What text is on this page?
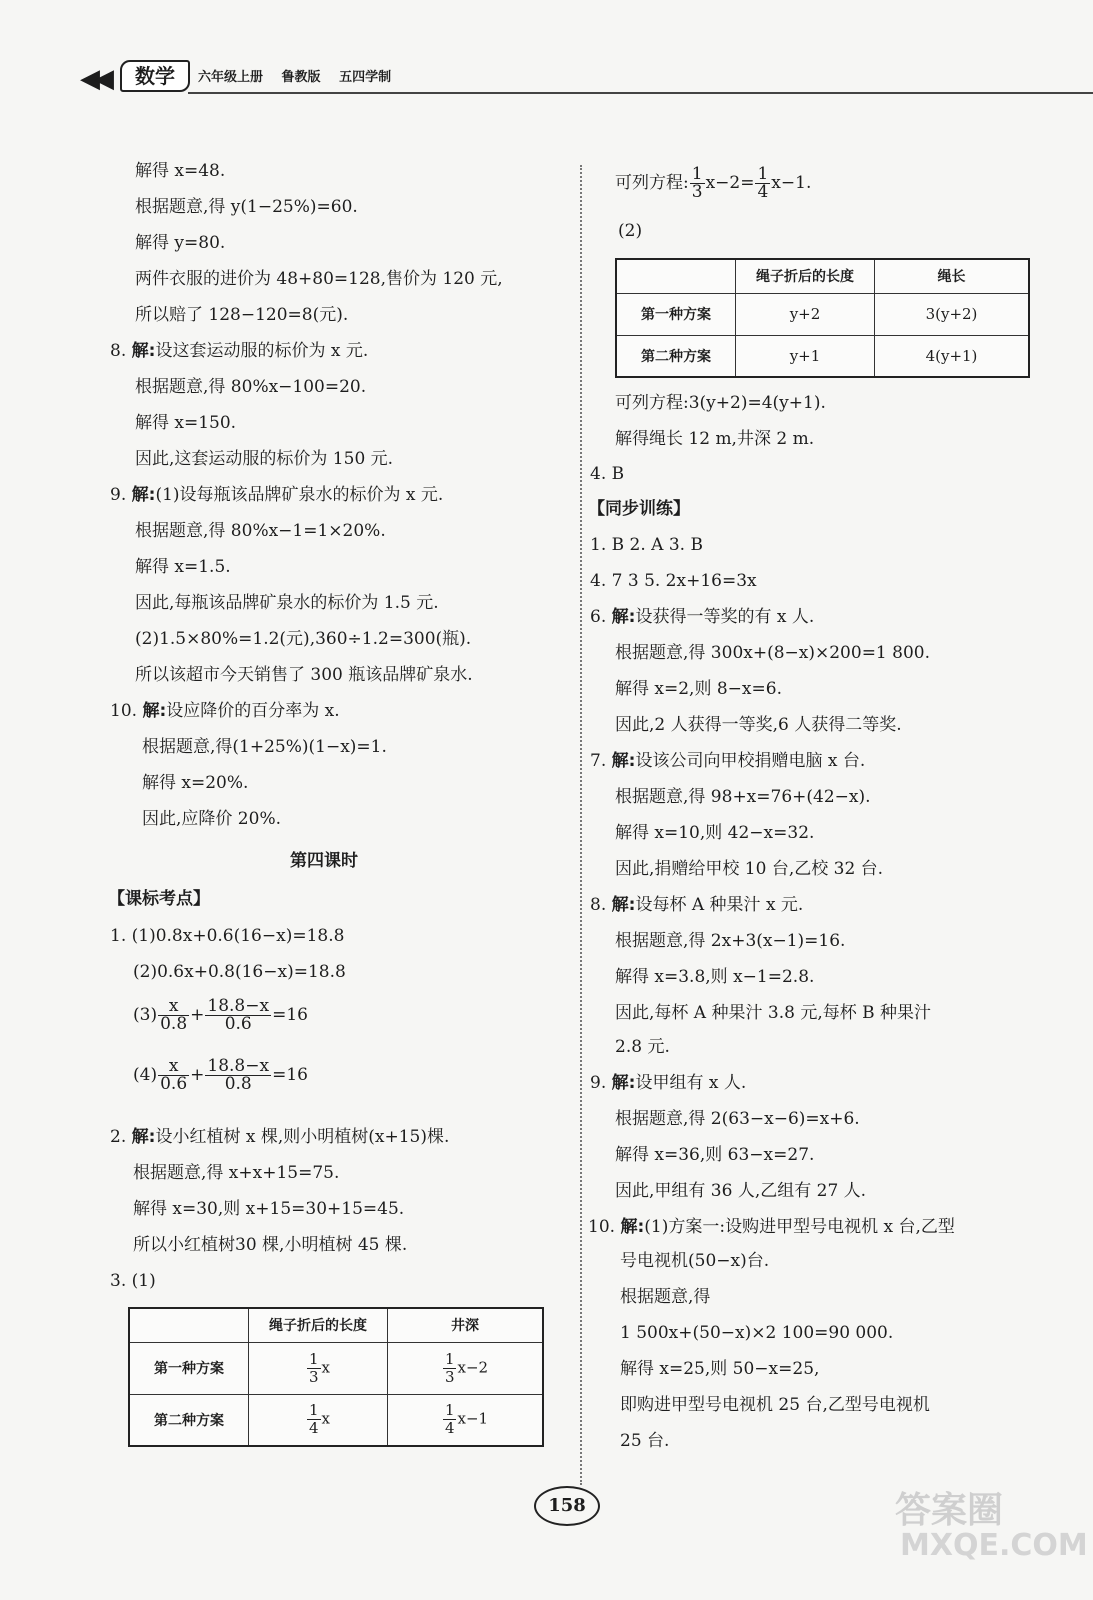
◀◀	数学	六年级上册 鲁教版 五四学制
解得 x=48.
根据题意,得 y(1−25%)=60.
解得 y=80.
两件衣服的进价为 48+80=128,售价为 120 元,
所以赔了 128−120=8(元).
8. 解:设这套运动服的标价为 x 元.
根据题意,得 80%x−100=20.
解得 x=150.
因此,这套运动服的标价为 150 元.
9. 解:(1)设每瓶该品牌矿泉水的标价为 x 元.
根据题意,得 80%x−1=1×20%.
解得 x=1.5.
因此,每瓶该品牌矿泉水的标价为 1.5 元.
(2)1.5×80%=1.2(元),360÷1.2=300(瓶).
所以该超市今天销售了 300 瓶该品牌矿泉水.
10. 解:设应降价的百分率为 x.
根据题意,得(1+25%)(1−x)=1.
解得 x=20%.
因此,应降价 20%.
第四课时
【课标考点】
1. (1)0.8x+0.6(16−x)=18.8
(2)0.6x+0.8(16−x)=18.8
$(3) \frac{x}{0.8} + \frac{18.8-x}{0.6} =16$
$(4) \frac{x}{0.6} + \frac{18.8-x}{0.8} =16$
2. 解:设小红植树 x 棵,则小明植树(x+15)棵.
根据题意,得 x+x+15=75.
解得 x=30,则 x+15=30+15=45.
所以小红植树30 棵,小明植树 45 棵.
3. (1)
	绳子折后的长度	井深
第一种方案	$\frac{1}{3}$ x	$\frac{1}{3} x-2$
第二种方案	$\frac{1}{4}$ x	$\frac{1}{4} x-1$
可列方程: $\frac{1}{3} x-2= \frac{1}{4} x-1$.
(2)
	绳子折后的长度	绳长
第一种方案	y+2	3(y+2)
第二种方案	y+1	4(y+1)
可列方程:3(y+2)=4(y+1).
解得绳长 12 m,井深 2 m.
4. B
【同步训练】
1. B 2. A 3. B
4. 7 3 5. 2x+16=3x
6. 解:设获得一等奖的有 x 人.
根据题意,得 300x+(8−x)×200=1 800.
解得 x=2,则 8−x=6.
因此,2 人获得一等奖,6 人获得二等奖.
7. 解:设该公司向甲校捐赠电脑 x 台.
根据题意,得 98+x=76+(42−x).
解得 x=10,则 42−x=32.
因此,捐赠给甲校 10 台,乙校 32 台.
8. 解:设每杯 A 种果汁 x 元.
根据题意,得 2x+3(x−1)=16.
解得 x=3.8,则 x−1=2.8.
因此,每杯 A 种果汁 3.8 元,每杯 B 种果汁
2.8 元.
9. 解:设甲组有 x 人.
根据题意,得 2(63−x−6)=x+6.
解得 x=36,则 63−x=27.
因此,甲组有 36 人,乙组有 27 人.
10. 解:(1)方案一:设购进甲型号电视机 x 台,乙型
号电视机(50−x)台.
根据题意,得
1 500x+(50−x)×2 100=90 000.
解得 x=25,则 50−x=25,
即购进甲型号电视机 25 台,乙型号电视机
25 台.
158	答案圈
MXQE.COM
